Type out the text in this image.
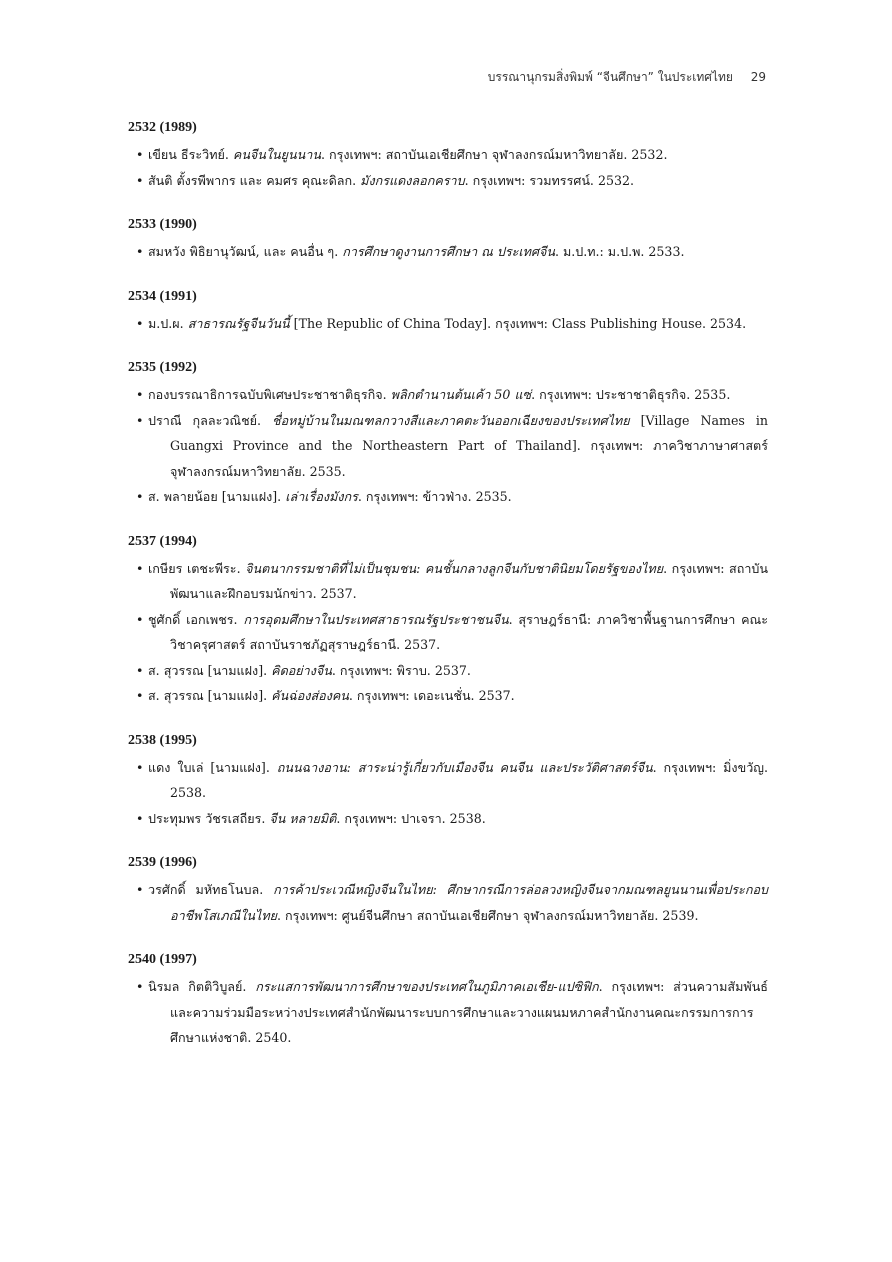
บรรณานุกรมสิ่งพิมพ์ “จีนศึกษา” ในประเทศไทย 29
2532 (1989)
• เขียน ธีระวิทย์. คนจีนในยูนนาน. กรุงเทพฯ: สถาบันเอเชียศึกษา จุฬาลงกรณ์มหาวิทยาลัย. 2532.
• สันติ ตั้งรพีพากร และ คมศร คุณะดิลก. มังกรแดงลอกคราบ. กรุงเทพฯ: รวมทรรศน์. 2532.
2533 (1990)
• สมหวัง พิธิยานุวัฒน์, และ คนอื่น ๆ. การศึกษาดูงานการศึกษา ณ ประเทศจีน. ม.ป.ท.: ม.ป.พ. 2533.
2534 (1991)
• ม.ป.ผ. สาธารณรัฐจีนวันนี้ [The Republic of China Today]. กรุงเทพฯ: Class Publishing House. 2534.
2535 (1992)
• กองบรรณาธิการฉบับพิเศษประชาชาติธุรกิจ. พลิกตำนานต้นเค้า 50 แซ่. กรุงเทพฯ: ประชาชาติธุรกิจ. 2535.
• ปราณี กุลละวณิชย์. ชื่อหมู่บ้านในมณฑลกวางสีและภาคตะวันออกเฉียงของประเทศไทย [Village Names in Guangxi Province and the Northeastern Part of Thailand]. กรุงเทพฯ: ภาควิชาภาษาศาสตร์ จุฬาลงกรณ์มหาวิทยาลัย. 2535.
• ส. พลายน้อย [นามแฝง]. เล่าเรื่องมังกร. กรุงเทพฯ: ข้าวฟ่าง. 2535.
2537 (1994)
• เกษียร เตชะพีระ. จินตนากรรมชาติที่ไม่เป็นชุมชน: คนชั้นกลางลูกจีนกับชาตินิยมโดยรัฐของไทย. กรุงเทพฯ: สถาบันพัฒนาและฝึกอบรมนักข่าว. 2537.
• ชูศักดิ์ เอกเพชร. การอุดมศึกษาในประเทศสาธารณรัฐประชาชนจีน. สุราษฎร์ธานี: ภาควิชาพื้นฐานการศึกษา คณะวิชาครุศาสตร์ สถาบันราชภัฏสุราษฎร์ธานี. 2537.
• ส. สุวรรณ [นามแฝง]. คิดอย่างจีน. กรุงเทพฯ: พิราบ. 2537.
• ส. สุวรรณ [นามแฝง]. คันฉ่องส่องคน. กรุงเทพฯ: เดอะเนชั่น. 2537.
2538 (1995)
• แดง ใบเล่ [นามแฝง]. ถนนฉางอาน: สาระน่ารู้เกี่ยวกับเมืองจีน คนจีน และประวัติศาสตร์จีน. กรุงเทพฯ: มิ่งขวัญ. 2538.
• ประทุมพร วัชรเสถียร. จีน หลายมิติ. กรุงเทพฯ: ปาเจรา. 2538.
2539 (1996)
• วรศักดิ์ มหัทธโนบล. การค้าประเวณีหญิงจีนในไทย: ศึกษากรณีการล่อลวงหญิงจีนจากมณฑลยูนนานเพื่อประกอบอาชีพโสเภณีในไทย. กรุงเทพฯ: ศูนย์จีนศึกษา สถาบันเอเชียศึกษา จุฬาลงกรณ์มหาวิทยาลัย. 2539.
2540 (1997)
• นิรมล กิตติวิบูลย์. กระแสการพัฒนาการศึกษาของประเทศในภูมิภาคเอเชีย-แปซิฟิก. กรุงเทพฯ: ส่วนความสัมพันธ์และความร่วมมือระหว่างประเทศสำนักพัฒนาระบบการศึกษาและวางแผนมหภาคสำนักงานคณะกรรมการการศึกษาแห่งชาติ. 2540.
